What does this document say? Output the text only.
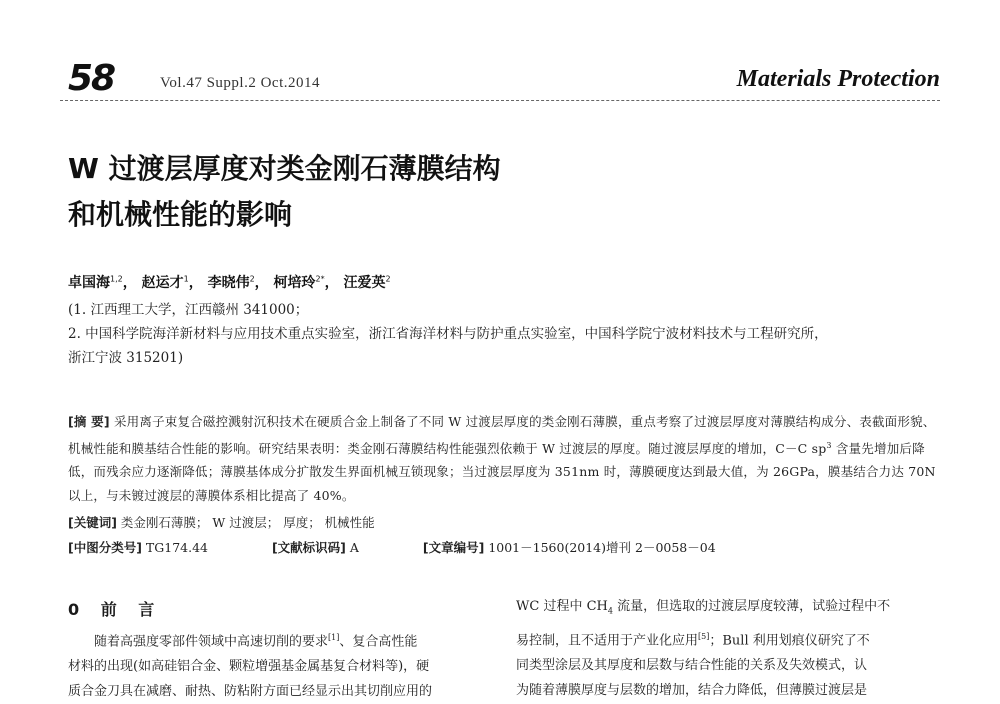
58	Vol.47 Suppl.2 Oct.2014	Materials Protection
W 过渡层厚度对类金刚石薄膜结构
和机械性能的影响
卓国海$^{1,2}$， 赵运才$^1$， 李晓伟$^2$， 柯培玲$^{2*}$， 汪爱英$^2$
(1. 江西理工大学，江西赣州 341000；
2. 中国科学院海洋新材料与应用技术重点实验室，浙江省海洋材料与防护重点实验室，中国科学院宁波材料技术与工程研究所，
浙江宁波 315201)
[摘 要] 采用离子束复合磁控溅射沉积技术在硬质合金上制备了不同 W 过渡层厚度的类金刚石薄膜，重点考察了过渡层厚度对薄膜结构成分、表截面形貌、机械性能和膜基结合性能的影响。研究结果表明：类金刚石薄膜结构性能强烈依赖于 W 过渡层的厚度。随过渡层厚度的增加，C－C $sp^3$ 含量先增加后降低，而残余应力逐渐降低；薄膜基体成分扩散发生界面机械互锁现象；当过渡层厚度为 351nm 时，薄膜硬度达到最大值，为 26GPa，膜基结合力达 70N 以上，与未镀过渡层的薄膜体系相比提高了 40%。
[关键词] 类金刚石薄膜； W 过渡层； 厚度； 机械性能
[中图分类号] TG174.44	[文献标识码] A	[文章编号] 1001－1560(2014)增刊 2－0058－04
0 前 言
随着高强度零部件领域中高速切削的要求[1]、复合高性能
材料的出现(如高硅铝合金、颗粒增强基金属基复合材料等)，硬
质合金刀具在减磨、耐热、防粘附方面已经显示出其切削应用的
WC 过程中 $CH_4$ 流量，但选取的过渡层厚度较薄，试验过程中不
易控制，且不适用于产业化应用[5]；Bull 利用划痕仪研究了不
同类型涂层及其厚度和层数与结合性能的关系及失效模式，认
为随着薄膜厚度与层数的增加，结合力降低，但薄膜过渡层是
